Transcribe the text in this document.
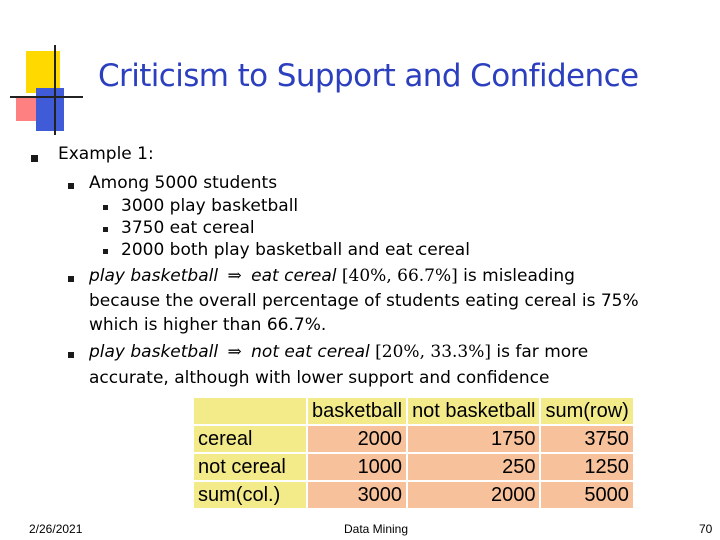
Criticism to Support and Confidence
Example 1:
Among 5000 students
3000 play basketball
3750 eat cereal
2000 both play basketball and eat cereal
play basketball ⇒ eat cereal [40%, 66.7%] is misleading
because the overall percentage of students eating cereal is 75%
which is higher than 66.7%.
play basketball ⇒ not eat cereal [20%, 33.3%] is far more
accurate, although with lower support and confidence
	basketball	not basketball	sum(row)
cereal	2000	1750	3750
not cereal	1000	250	1250
sum(col.)	3000	2000	5000
2/26/2021	Data Mining	70
